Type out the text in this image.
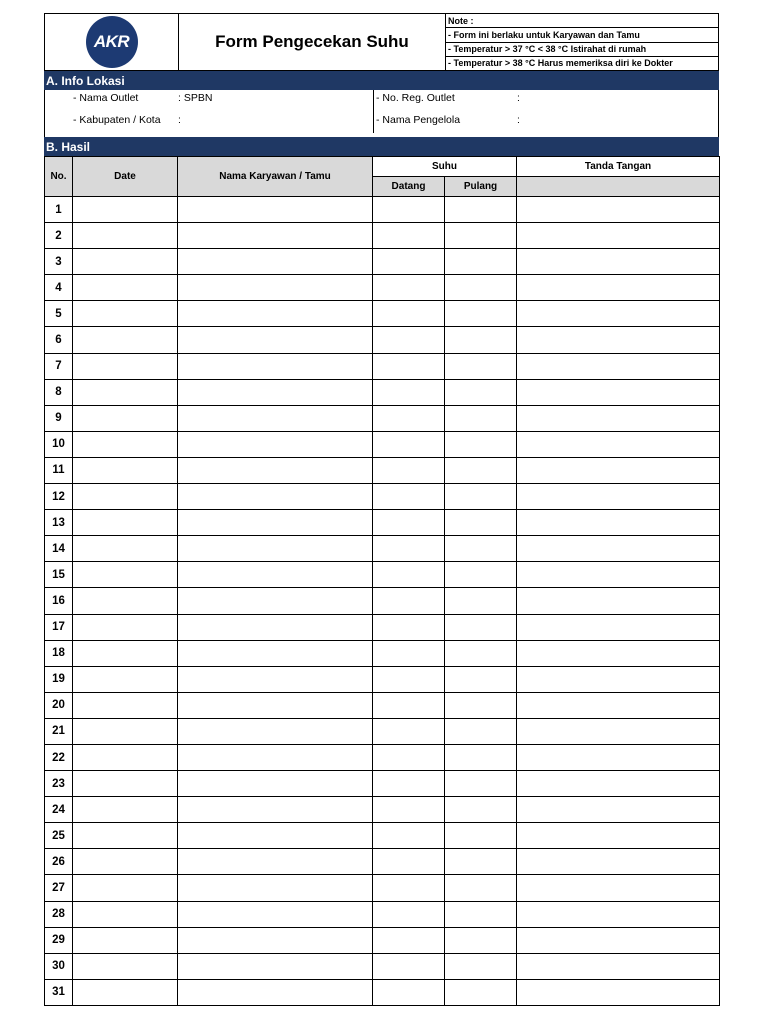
AKR	Form Pengecekan Suhu
Note :
- Form ini berlaku untuk Karyawan dan Tamu
- Temperatur > 37 °C < 38 °C Istirahat di rumah
- Temperatur > 38 °C Harus memeriksa diri ke Dokter
A. Info Lokasi
- Nama Outlet	: SPBN
- Kabupaten / Kota :
- No. Reg. Outlet	:
- Nama Pengelola	:
B. Hasil
No.	Date	Nama Karyawan / Tamu	Suhu		Tanda Tangan
			Datang	Pulang	
1					
2					
3					
4					
5					
6					
7					
8					
9					
10					
11					
12					
13					
14					
15					
16					
17					
18					
19					
20					
21					
22					
23					
24					
25					
26					
27					
28					
29					
30					
31					
